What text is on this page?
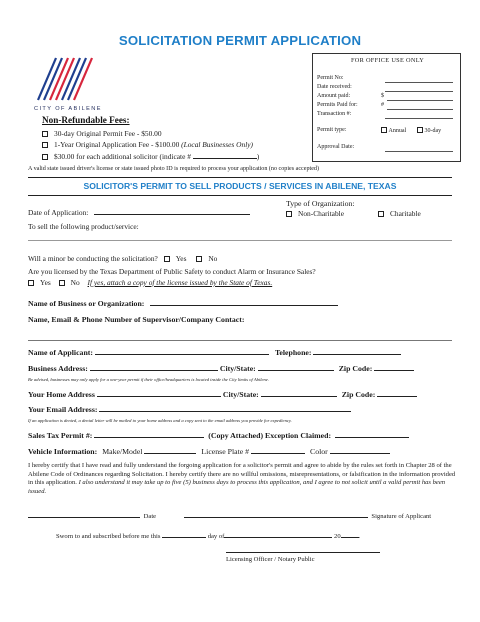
SOLICITATION PERMIT APPLICATION
CITY OF ABILENE
FOR OFFICE USE ONLY
Permit No:
Date received:
Amount paid:	$
Permits Paid for:	#
Transaction #:
Permit type:	Annual	30-day
Approval Date:
Non-Refundable Fees:
30-day Original Permit Fee - $50.00
1-Year Original Application Fee - $100.00 (Local Businesses Only)
$30.00 for each additional solicitor (indicate #	)
A valid state issued driver's license or state issued photo ID is required to process your application (no copies accepted)
SOLICITOR'S PERMIT TO SELL PRODUCTS / SERVICES IN ABILENE, TEXAS
Date of Application:
Type of Organization:
Non-Charitable	Charitable
To sell the following product/service:
Will a minor be conducting the solicitation? Yes	No
Are you licensed by the Texas Department of Public Safety to conduct Alarm or Insurance Sales?
Yes	No If yes, attach a copy of the license issued by the State of Texas.
Name of Business or Organization:
Name, Email & Phone Number of Supervisor/Company Contact:
Name of Applicant:	Telephone:
Business Address:	City/State:	Zip Code:
Be advised, businesses may only apply for a one-year permit if their office/headquarters is located inside the City limits of Abilene.
Your Home Address	City/State:	Zip Code:
Your Email Address:
If an application is denied, a denial letter will be mailed to your home address and a copy sent to the email address you provide for expediency.
Sales Tax Permit #:	(Copy Attached) Exception Claimed:
Vehicle Information: Make/Model	License Plate #	Color
I hereby certify that I have read and fully understand the forgoing application for a solicitor's permit and agree to abide by the rules set forth in Chapter 28 of the Abilene Code of Ordinances regarding Solicitation. I hereby certify there are no willful omissions, misrepresentations, or falsification in the information provided in this application. I also understand it may take up to five (5) business days to process this application, and I agree to not solicit until a valid permit has been issued.
Date	Signature of Applicant
Sworn to and subscribed before me this	day of	20	.
Licensing Officer / Notary Public
